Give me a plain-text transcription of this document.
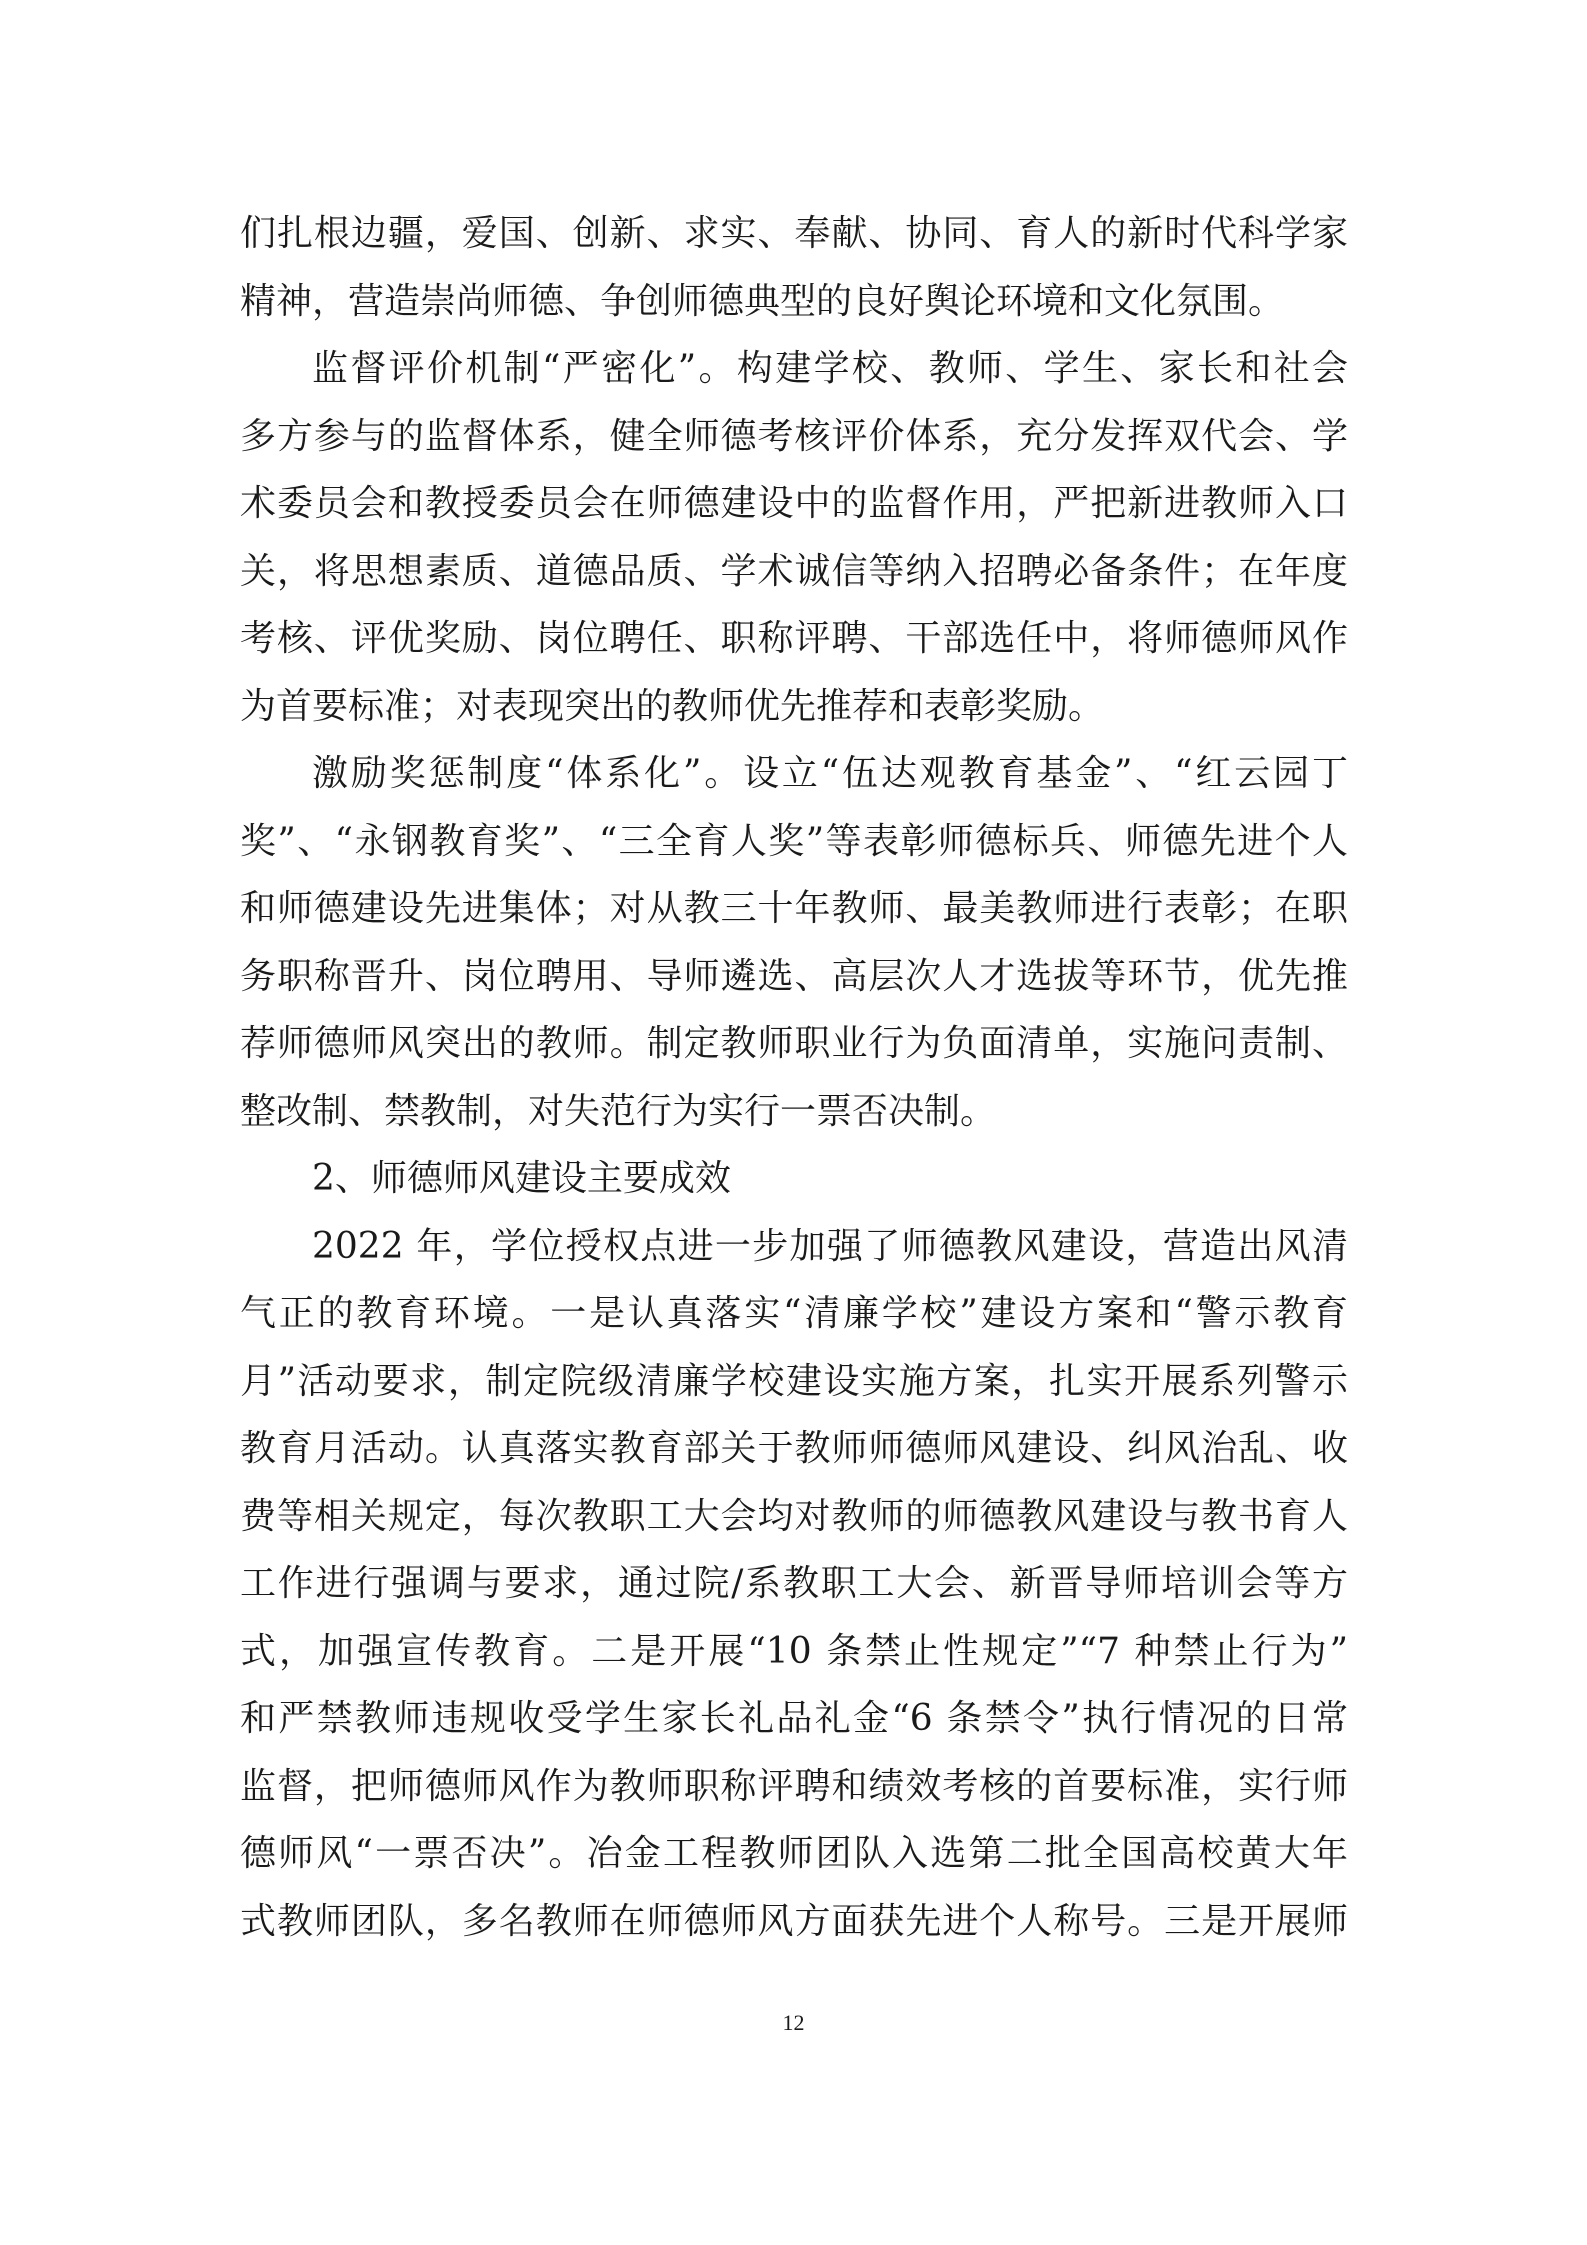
们扎根边疆，爱国、创新、求实、奉献、协同、育人的新时代科学家
精神，营造崇尚师德、争创师德典型的良好舆论环境和文化氛围。
监督评价机制“严密化”。构建学校、教师、学生、家长和社会
多方参与的监督体系，健全师德考核评价体系，充分发挥双代会、学
术委员会和教授委员会在师德建设中的监督作用，严把新进教师入口
关，将思想素质、道德品质、学术诚信等纳入招聘必备条件；在年度
考核、评优奖励、岗位聘任、职称评聘、干部选任中，将师德师风作
为首要标准；对表现突出的教师优先推荐和表彰奖励。
激励奖惩制度“体系化”。设立“伍达观教育基金”、“红云园丁
奖”、“永钢教育奖”、“三全育人奖”等表彰师德标兵、师德先进个人
和师德建设先进集体；对从教三十年教师、最美教师进行表彰；在职
务职称晋升、岗位聘用、导师遴选、高层次人才选拔等环节，优先推
荐师德师风突出的教师。制定教师职业行为负面清单，实施问责制、
整改制、禁教制，对失范行为实行一票否决制。
2、师德师风建设主要成效
2022 年，学位授权点进一步加强了师德教风建设，营造出风清
气正的教育环境。一是认真落实“清廉学校”建设方案和“警示教育
月”活动要求，制定院级清廉学校建设实施方案，扎实开展系列警示
教育月活动。认真落实教育部关于教师师德师风建设、纠风治乱、收
费等相关规定，每次教职工大会均对教师的师德教风建设与教书育人
工作进行强调与要求，通过院/系教职工大会、新晋导师培训会等方
式，加强宣传教育。二是开展“10 条禁止性规定”“7 种禁止行为”
和严禁教师违规收受学生家长礼品礼金“6 条禁令”执行情况的日常
监督，把师德师风作为教师职称评聘和绩效考核的首要标准，实行师
德师风“一票否决”。冶金工程教师团队入选第二批全国高校黄大年
式教师团队，多名教师在师德师风方面获先进个人称号。三是开展师
12
